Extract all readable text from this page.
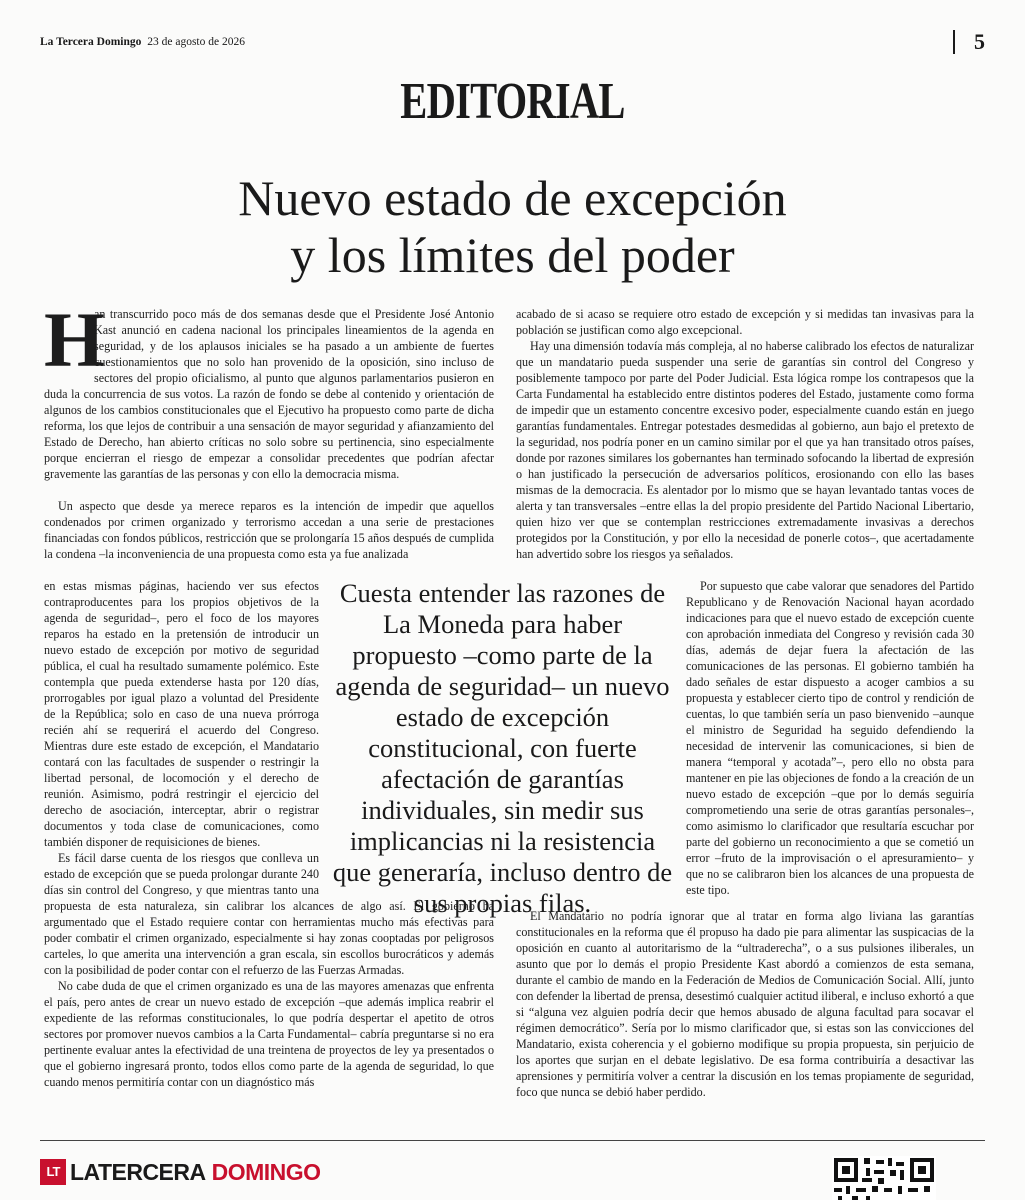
La Tercera Domingo 23 de agosto de 2026	5
EDITORIAL
Nuevo estado de excepción
y los límites del poder
H

an transcurrido poco más de dos semanas desde que el Presidente José Antonio Kast anunció en cadena nacional los principales lineamientos de la agenda en seguridad, y de los aplausos iniciales se ha pasado a un ambiente de fuertes cuestionamientos que no solo han provenido de la oposición, sino incluso de sectores del propio oficialismo, al punto que algunos parlamentarios pusieron en duda la concurrencia de sus votos. La razón de fondo se debe al contenido y orientación de algunos de los cambios constitucionales que el Ejecutivo ha propuesto como parte de dicha reforma, los que lejos de contribuir a una sensación de mayor seguridad y afianzamiento del Estado de Derecho, han abierto críticas no solo sobre su pertinencia, sino especialmente porque encierran el riesgo de empezar a consolidar precedentes que podrían afectar gravemente las garantías de las personas y con ello la democracia misma.

Un aspecto que desde ya merece reparos es la intención de impedir que aquellos condenados por crimen organizado y terrorismo accedan a una serie de prestaciones financiadas con fondos públicos, restricción que se prolongaría 15 años después de cumplida la condena –la inconveniencia de una propuesta como esta ya fue analizada

en estas mismas páginas, haciendo ver sus efectos contraproducentes para los propios objetivos de la agenda de seguridad–, pero el foco de los mayores reparos ha estado en la pretensión de introducir un nuevo estado de excepción por motivo de seguridad pública, el cual ha resultado sumamente polémico. Este contempla que pueda extenderse hasta por 120 días, prorrogables por igual plazo a voluntad del Presidente de la República; solo en caso de una nueva prórroga recién ahí se requerirá el acuerdo del Congreso. Mientras dure este estado de excepción, el Mandatario contará con las facultades de suspender o restringir la libertad personal, de locomoción y el derecho de reunión. Asimismo, podrá restringir el ejercicio del derecho de asociación, interceptar, abrir o registrar documentos y toda clase de comunicaciones, como también disponer de requisiciones de bienes.

Es fácil darse cuenta de los riesgos que conlleva un estado de excepción que se pueda prolongar durante 240 días sin control del Congreso, y que mientras tanto una

Cuesta entender las razones de La Moneda para haber propuesto –como parte de la agenda de seguridad– un nuevo estado de excepción constitucional, con fuerte afectación de garantías individuales, sin medir sus implicancias ni la resistencia que generaría, incluso dentro de sus propias filas.

propuesta de esta naturaleza, sin calibrar los alcances de algo así. El gobierno ha argumentado que el Estado requiere contar con herramientas mucho más efectivas para poder combatir el crimen organizado, especialmente si hay zonas cooptadas por peligrosos carteles, lo que amerita una intervención a gran escala, sin escollos burocráticos y además con la posibilidad de poder contar con el refuerzo de las Fuerzas Armadas.

No cabe duda de que el crimen organizado es una de las mayores amenazas que enfrenta el país, pero antes de crear un nuevo estado de excepción –que además implica reabrir el expediente de las reformas constitucionales, lo que podría despertar el apetito de otros sectores por promover nuevos cambios a la Carta Fundamental– cabría preguntarse si no era pertinente evaluar antes la efectividad de una treintena de proyectos de ley ya presentados o que el gobierno ingresará pronto, todos ellos como parte de la agenda de seguridad, lo que cuando menos permitiría contar con un diagnóstico más

acabado de si acaso se requiere otro estado de excepción y si medidas tan invasivas para la población se justifican como algo excepcional.

Hay una dimensión todavía más compleja, al no haberse calibrado los efectos de naturalizar que un mandatario pueda suspender una serie de garantías sin control del Congreso y posiblemente tampoco por parte del Poder Judicial. Esta lógica rompe los contrapesos que la Carta Fundamental ha establecido entre distintos poderes del Estado, justamente como forma de impedir que un estamento concentre excesivo poder, especialmente cuando están en juego garantías fundamentales. Entregar potestades desmedidas al gobierno, aun bajo el pretexto de la seguridad, nos podría poner en un camino similar por el que ya han transitado otros países, donde por razones similares los gobernantes han terminado sofocando la libertad de expresión o han justificado la persecución de adversarios políticos, erosionando con ello las bases mismas de la democracia. Es alentador por lo mismo que se hayan levantado tantas voces de alerta y tan transversales –entre ellas la del propio presidente del Partido Nacional Libertario, quien hizo ver que se contemplan restricciones extremadamente invasivas a derechos protegidos por la Constitución, y por ello la necesidad de ponerle cotos–, que acertadamente han advertido sobre los riesgos ya señalados.

Por supuesto que cabe valorar que senadores del Partido Republicano y de Renovación Nacional hayan acordado indicaciones para que el nuevo estado de excepción cuente con aprobación inmediata del Congreso y revisión cada 30 días, además de dejar fuera la afectación de las comunicaciones de las personas. El gobierno también ha dado señales de estar dispuesto a acoger cambios a su propuesta y establecer cierto tipo de control y rendición de cuentas, lo que también sería un paso bienvenido –aunque el ministro de Seguridad ha seguido defendiendo la necesidad de intervenir las comunicaciones, si bien de manera “temporal y acotada”–, pero ello no obsta para mantener en pie las objeciones de fondo a la creación de un nuevo estado de excepción –que por lo demás seguiría comprometiendo una serie de otras garantías personales–, como asimismo lo clarificador que resultaría escuchar por parte del gobierno un reconocimiento a que se cometió un error –fruto de la improvisación o el apresuramiento– y que no se calibraron bien los alcances de una propuesta de este tipo.

El Mandatario no podría ignorar que al tratar en forma algo liviana las garantías constitucionales en la reforma que él propuso ha dado pie para alimentar las suspicacias de la oposición en cuanto al autoritarismo de la “ultraderecha”, o a sus pulsiones iliberales, un asunto que por lo demás el propio Presidente Kast abordó a comienzos de esta semana, durante el cambio de mando en la Federación de Medios de Comunicación Social. Allí, junto con defender la libertad de prensa, desestimó cualquier actitud iliberal, e incluso exhortó a que si “alguna vez alguien podría decir que hemos abusado de alguna facultad para socavar el régimen democrático”. Sería por lo mismo clarificador que, si estas son las convicciones del Mandatario, exista coherencia y el gobierno modifique su propia propuesta, sin perjuicio de los aportes que surjan en el debate legislativo. De esa forma contribuiría a desactivar las aprensiones y permitiría volver a centrar la discusión en los temas propiamente de seguridad, foco que nunca se debió haber perdido.

LT LATERCERA DOMINGO
